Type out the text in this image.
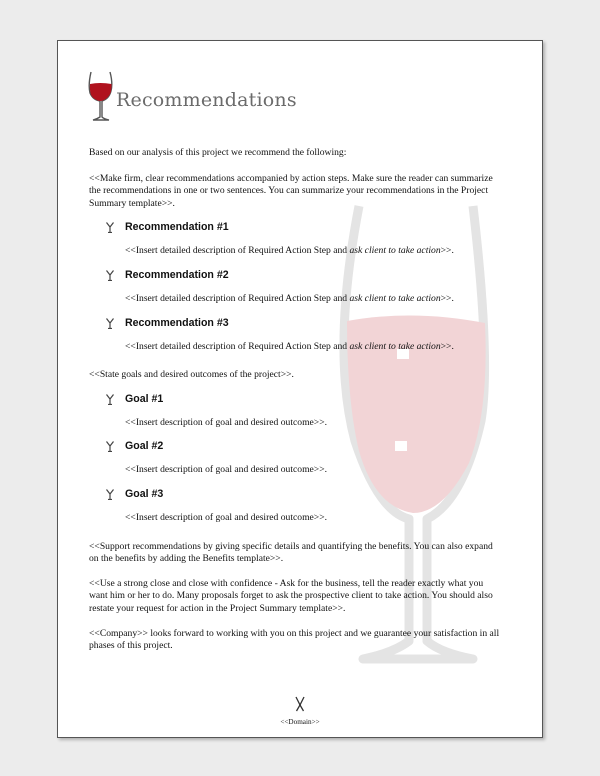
Recommendations

Based on our analysis of this project we recommend the following:

<<Make firm, clear recommendations accompanied by action steps. Make sure the reader can summarize the recommendations in one or two sentences. You can summarize your recommendations in the Project Summary template>>.

Recommendation #1
<<Insert detailed description of Required Action Step and ask client to take action>>.
Recommendation #2
<<Insert detailed description of Required Action Step and ask client to take action>>.
Recommendation #3
<<Insert detailed description of Required Action Step and ask client to take action>>.

<<State goals and desired outcomes of the project>>.

Goal #1
<<Insert description of goal and desired outcome>>.
Goal #2
<<Insert description of goal and desired outcome>>.
Goal #3
<<Insert description of goal and desired outcome>>.

<<Support recommendations by giving specific details and quantifying the benefits. You can also expand on the benefits by adding the Benefits template>>.

<<Use a strong close and close with confidence - Ask for the business, tell the reader exactly what you want him or her to do. Many proposals forget to ask the prospective client to take action. You should also restate your request for action in the Project Summary template>>.

<<Company>> looks forward to working with you on this project and we guarantee your satisfaction in all phases of this project.

<<Domain>>
